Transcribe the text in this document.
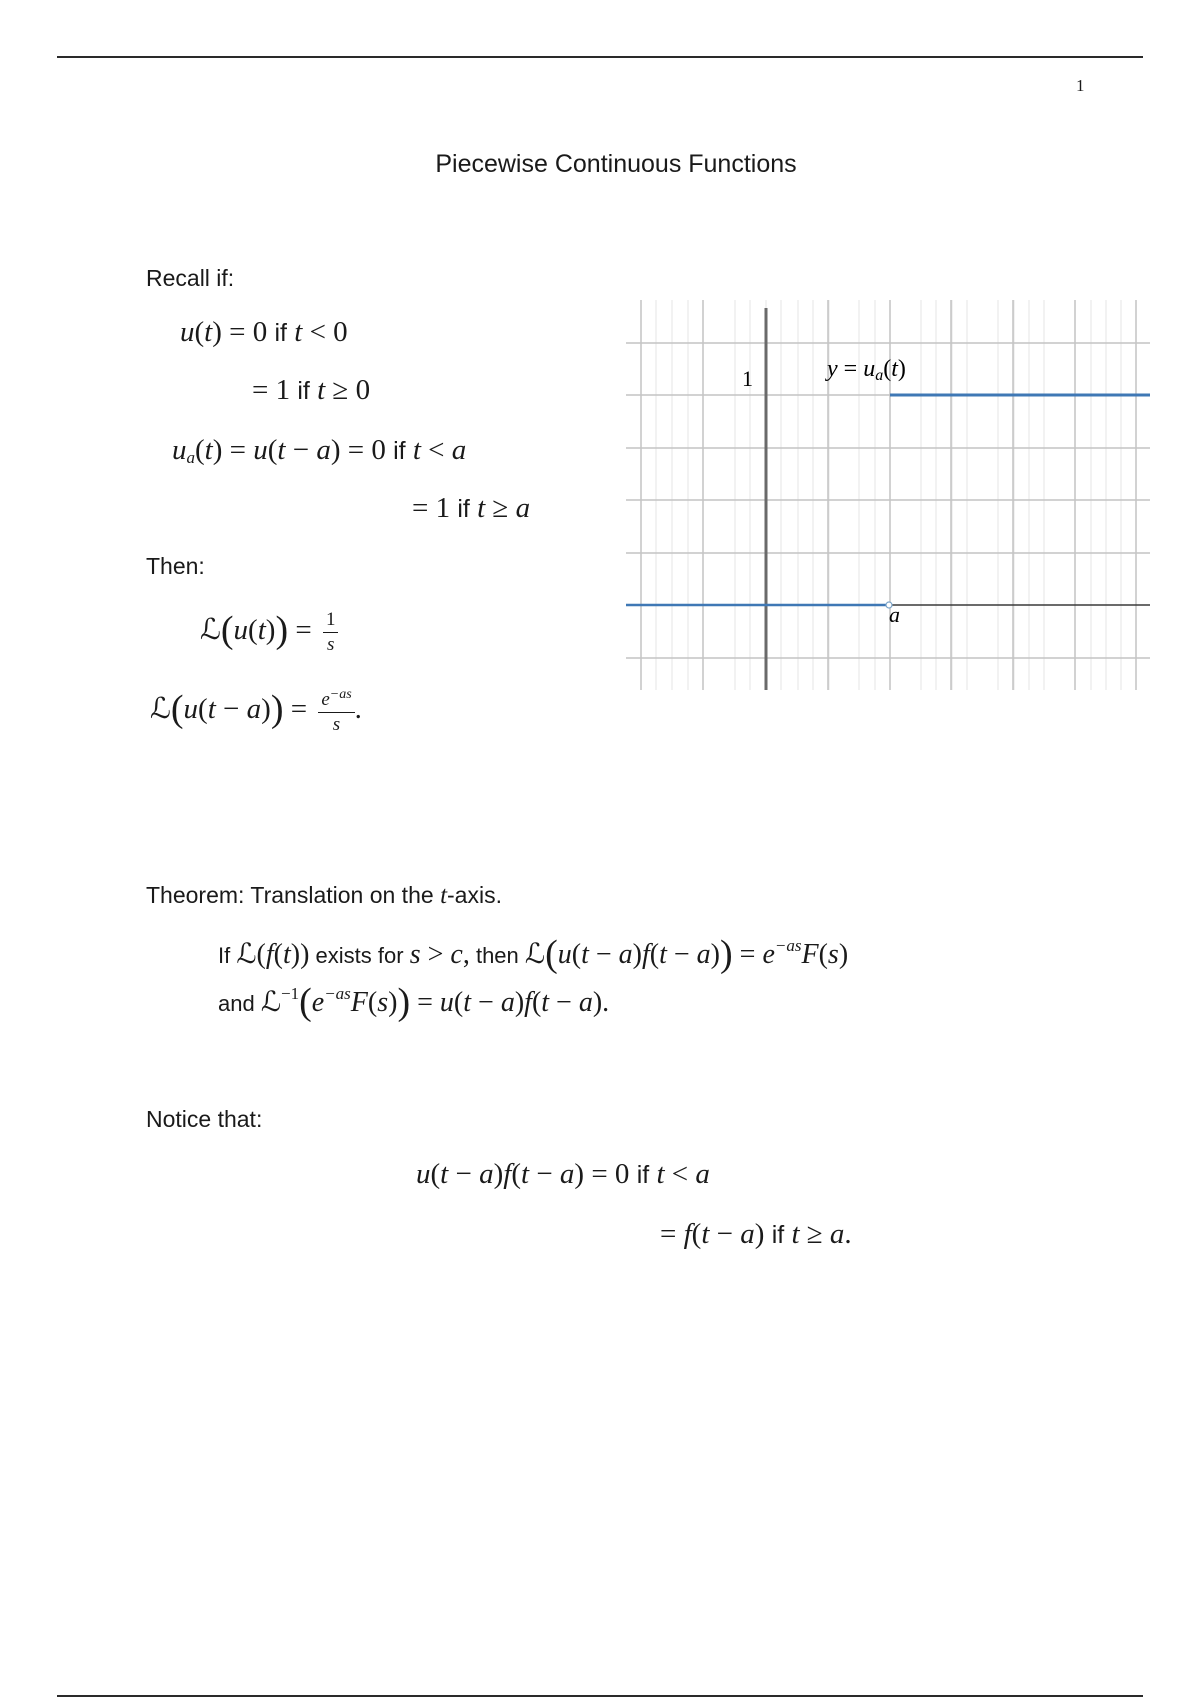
1
Piecewise Continuous Functions
Recall if:
u(t) = 0 if t < 0
= 1 if t ≥ 0
$u_a(t) = u(t - a) = 0$ if t < a
= 1 if t ≥ a
Then:
ℒ(u(t)) = $\frac{1}{s}$
ℒ(u(t − $a)) = \frac{e^{-as}}{s}$ .
1
a
y = ua(t)
Theorem: Translation on the t-axis.
If ℒ(f(t)) exists for s > c, then ℒ(u(t − $a)f(t - a)) = e^{-as}F(s)$
and $ℒ^{-1}(e^{-as}F(s)) = u(t - a)f(t - a)$.
Notice that:
u(t − a)f(t − a) = 0 if t < a
= f(t − a) if t ≥ a.
